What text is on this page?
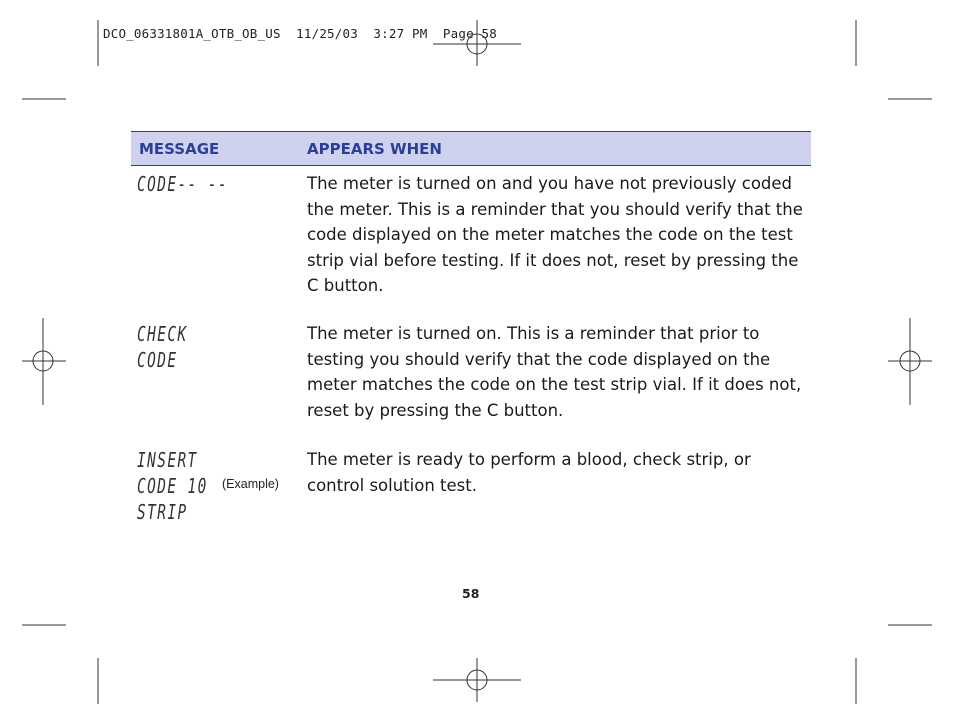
DCO_06331801A_OTB_OB_US  11/25/03  3:27 PM  Page 58
MESSAGE	APPEARS WHEN
CODE-- --	The meter is turned on and you have not previously coded the meter. This is a reminder that you should verify that the code displayed on the meter matches the code on the test strip vial before testing. If it does not, reset by pressing the C button.
CHECK
CODE
The meter is turned on. This is a reminder that prior to testing you should verify that the code displayed on the meter matches the code on the test strip vial. If it does not, reset by pressing the C button.
INSERT
CODE 10
STRIP
(Example)
The meter is ready to perform a blood, check strip, or control solution test.
58
